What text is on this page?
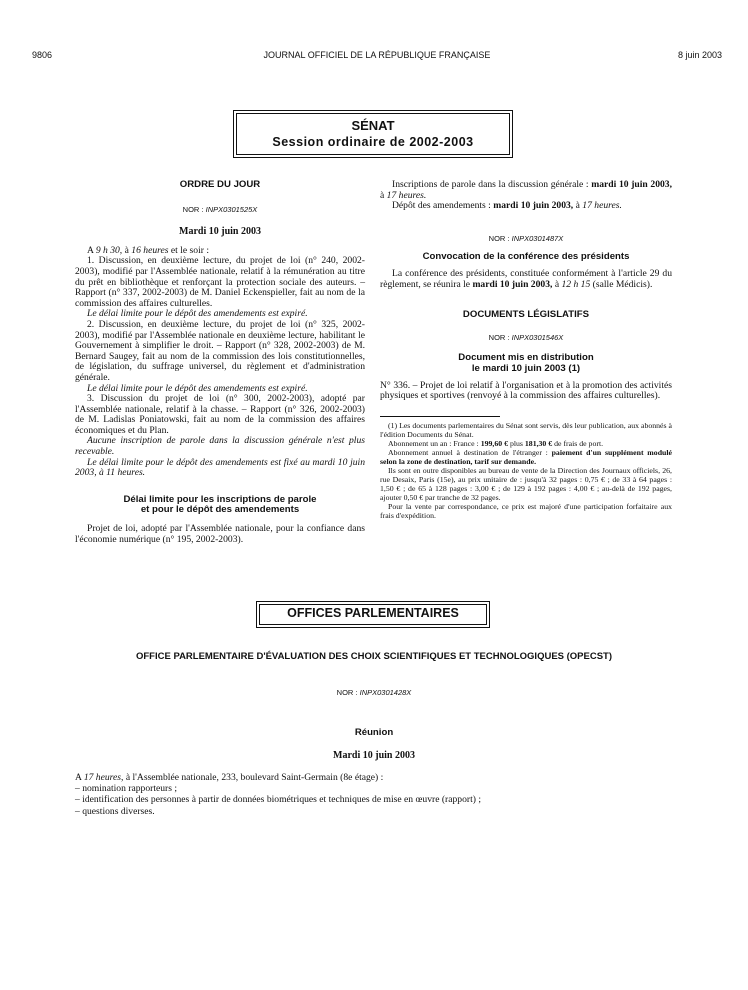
9806	JOURNAL OFFICIEL DE LA RÉPUBLIQUE FRANÇAISE	8 juin 2003
SÉNAT
Session ordinaire de 2002-2003
ORDRE DU JOUR
NOR : INPX0301525X
Mardi 10 juin 2003

A 9 h 30, à 16 heures et le soir :

1. Discussion, en deuxième lecture, du projet de loi (n° 240, 2002-2003), modifié par l'Assemblée nationale, relatif à la rémunération au titre du prêt en bibliothèque et renforçant la protection sociale des auteurs. – Rapport (n° 337, 2002-2003) de M. Daniel Eckenspieller, fait au nom de la commission des affaires culturelles.

Le délai limite pour le dépôt des amendements est expiré.

2. Discussion, en deuxième lecture, du projet de loi (n° 325, 2002-2003), modifié par l'Assemblée nationale en deuxième lecture, habilitant le Gouvernement à simplifier le droit. – Rapport (n° 328, 2002-2003) de M. Bernard Saugey, fait au nom de la commission des lois constitutionnelles, de législation, du suffrage universel, du règlement et d'administration générale.

Le délai limite pour le dépôt des amendements est expiré.

3. Discussion du projet de loi (n° 300, 2002-2003), adopté par l'Assemblée nationale, relatif à la chasse. – Rapport (n° 326, 2002-2003) de M. Ladislas Poniatowski, fait au nom de la commission des affaires économiques et du Plan.

Aucune inscription de parole dans la discussion générale n'est plus recevable.

Le délai limite pour le dépôt des amendements est fixé au mardi 10 juin 2003, à 11 heures.

Délai limite pour les inscriptions de parole
et pour le dépôt des amendements

Projet de loi, adopté par l'Assemblée nationale, pour la confiance dans l'économie numérique (n° 195, 2002-2003).

Inscriptions de parole dans la discussion générale : mardi 10 juin 2003, à 17 heures.

Dépôt des amendements : mardi 10 juin 2003, à 17 heures.

NOR : INPX0301487X
Convocation de la conférence des présidents

La conférence des présidents, constituée conformément à l'article 29 du règlement, se réunira le mardi 10 juin 2003, à 12 h 15 (salle Médicis).

DOCUMENTS LÉGISLATIFS
NOR : INPX0301546X
Document mis en distribution
le mardi 10 juin 2003 (1)

N° 336. – Projet de loi relatif à l'organisation et à la promotion des activités physiques et sportives (renvoyé à la commission des affaires culturelles).

(1) Les documents parlementaires du Sénat sont servis, dès leur publication, aux abonnés à l'édition Documents du Sénat.

Abonnement un an : France : 199,60 € plus 181,30 € de frais de port.

Abonnement annuel à destination de l'étranger : paiement d'un supplément modulé selon la zone de destination, tarif sur demande.

Ils sont en outre disponibles au bureau de vente de la Direction des Journaux officiels, 26, rue Desaix, Paris (15e), au prix unitaire de : jusqu'à 32 pages : 0,75 € ; de 33 à 64 pages : 1,50 € ; de 65 à 128 pages : 3,00 € ; de 129 à 192 pages : 4,00 € ; au-delà de 192 pages, ajouter 0,50 € par tranche de 32 pages.

Pour la vente par correspondance, ce prix est majoré d'une participation forfaitaire aux frais d'expédition.

OFFICES PARLEMENTAIRES
OFFICE PARLEMENTAIRE D'ÉVALUATION DES CHOIX SCIENTIFIQUES ET TECHNOLOGIQUES (OPECST)
NOR : INPX0301428X
Réunion
Mardi 10 juin 2003
A 17 heures, à l'Assemblée nationale, 233, boulevard Saint-Germain (8e étage) :
– nomination rapporteurs ;
– identification des personnes à partir de données biométriques et techniques de mise en œuvre (rapport) ;
– questions diverses.
